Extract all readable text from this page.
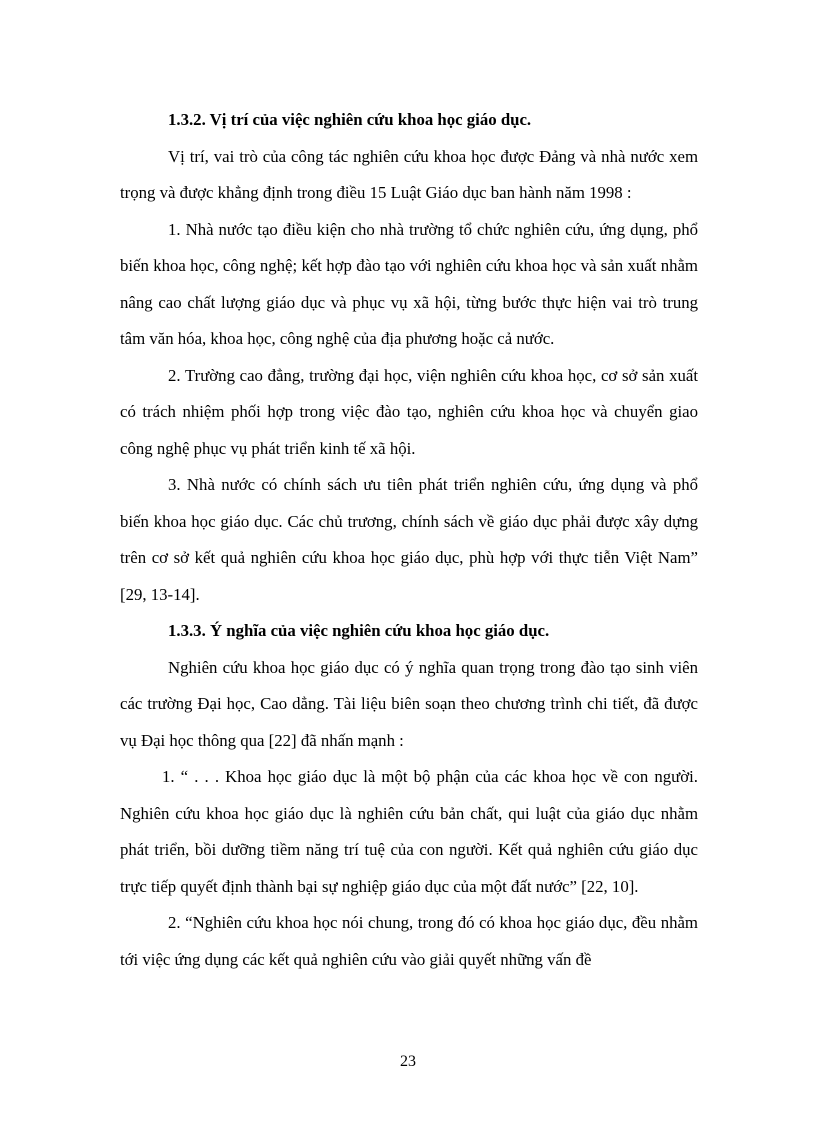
1.3.2. Vị trí của việc nghiên cứu khoa học giáo dục.

Vị trí, vai trò của công tác nghiên cứu khoa học được Đảng và nhà nước xem trọng và được khẳng định trong điều 15 Luật Giáo dục ban hành năm 1998 :

1. Nhà nước tạo điều kiện cho nhà trường tổ chức nghiên cứu, ứng dụng, phổ biến khoa học, công nghệ; kết hợp đào tạo với nghiên cứu khoa học và sản xuất nhằm nâng cao chất lượng giáo dục và phục vụ xã hội, từng bước thực hiện vai trò trung tâm văn hóa, khoa học, công nghệ của địa phương hoặc cả nước.

2. Trường cao đẳng, trường đại học, viện nghiên cứu khoa học, cơ sở sản xuất có trách nhiệm phối hợp trong việc đào tạo, nghiên cứu khoa học và chuyển giao công nghệ phục vụ phát triển kinh tế xã hội.

3. Nhà nước có chính sách ưu tiên phát triển nghiên cứu, ứng dụng và phổ biến khoa học giáo dục. Các chủ trương, chính sách về giáo dục phải được xây dựng trên cơ sở kết quả nghiên cứu khoa học giáo dục, phù hợp với thực tiễn Việt Nam” [29, 13-14].

1.3.3. Ý nghĩa của việc nghiên cứu khoa học giáo dục.

Nghiên cứu khoa học giáo dục có ý nghĩa quan trọng trong đào tạo sinh viên các trường Đại học, Cao dẳng. Tài liệu biên soạn theo chương trình chi tiết, đã được vụ Đại học thông qua [22] đã nhấn mạnh :

1. “ . . . Khoa học giáo dục là một bộ phận của các khoa học về con người. Nghiên cứu khoa học giáo dục là nghiên cứu bản chất, qui luật của giáo dục nhằm phát triển, bồi dưỡng tiềm năng trí tuệ của con người. Kết quả nghiên cứu giáo dục trực tiếp quyết định thành bại sự nghiệp giáo dục của một đất nước” [22, 10].

2. “Nghiên cứu khoa học nói chung, trong đó có khoa học giáo dục, đều nhằm tới việc ứng dụng các kết quả nghiên cứu vào giải quyết những vấn đề

23
